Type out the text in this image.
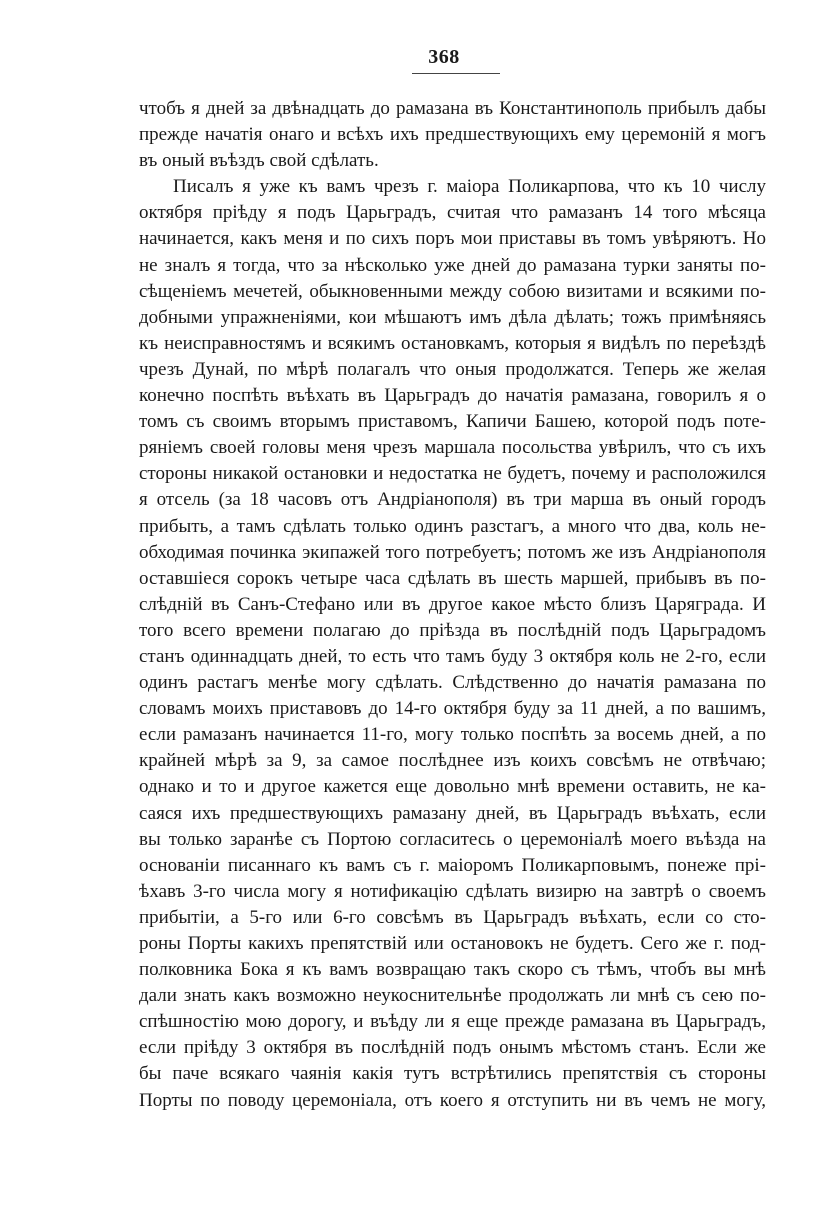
368
чтобъ я дней за двѣнадцать до рамазана въ Константинополь прибылъ дабы
прежде начатія онаго и всѣхъ ихъ предшествующихъ ему церемоній я могъ
въ оный въѣздъ свой сдѣлать.
Писалъ я уже къ вамъ чрезъ г. маіора Поликарпова, что къ 10 числу
октября пріѣду я подъ Царьградъ, считая что рамазанъ 14 того мѣсяца
начинается, какъ меня и по сихъ поръ мои приставы въ томъ увѣряютъ. Но
не зналъ я тогда, что за нѣсколько уже дней до рамазана турки заняты по-
сѣщеніемъ мечетей, обыкновенными между собою визитами и всякими по-
добными упражненіями, кои мѣшаютъ имъ дѣла дѣлать; тожъ примѣняясь
къ неисправностямъ и всякимъ остановкамъ, которыя я видѣлъ по переѣздѣ
чрезъ Дунай, по мѣрѣ полагалъ что оныя продолжатся. Теперь же желая
конечно поспѣть въѣхать въ Царьградъ до начатія рамазана, говорилъ я о
томъ съ своимъ вторымъ приставомъ, Капичи Башею, которой подъ поте-
ряніемъ своей головы меня чрезъ маршала посольства увѣрилъ, что съ ихъ
стороны никакой остановки и недостатка не будетъ, почему и расположился
я отсель (за 18 часовъ отъ Андріанополя) въ три марша въ оный городъ
прибыть, а тамъ сдѣлать только одинъ разстагъ, а много что два, коль не-
обходимая починка экипажей того потребуетъ; потомъ же изъ Андріанополя
оставшіеся сорокъ четыре часа сдѣлать въ шесть маршей, прибывъ въ по-
слѣдній въ Санъ-Стефано или въ другое какое мѣсто близъ Царяграда. И
того всего времени полагаю до пріѣзда въ послѣдній подъ Царьградомъ
станъ одиннадцать дней, то есть что тамъ буду 3 октября коль не 2-го, если
одинъ растагъ менѣе могу сдѣлать. Слѣдственно до начатія рамазана по
словамъ моихъ приставовъ до 14-го октября буду за 11 дней, а по вашимъ,
если рамазанъ начинается 11-го, могу только поспѣть за восемь дней, а по
крайней мѣрѣ за 9, за самое послѣднее изъ коихъ совсѣмъ не отвѣчаю;
однако и то и другое кажется еще довольно мнѣ времени оставить, не ка-
саяся ихъ предшествующихъ рамазану дней, въ Царьградъ въѣхать, если
вы только заранѣе съ Портою согласитесь о церемоніалѣ моего въѣзда на
основаніи писаннаго къ вамъ съ г. маіоромъ Поликарповымъ, понеже прі-
ѣхавъ 3-го числа могу я нотификацію сдѣлать визирю на завтрѣ о своемъ
прибытіи, а 5-го или 6-го совсѣмъ въ Царьградъ въѣхать, если со сто-
роны Порты какихъ препятствій или остановокъ не будетъ. Сего же г. под-
полковника Бока я къ вамъ возвращаю такъ скоро съ тѣмъ, чтобъ вы мнѣ
дали знать какъ возможно неукоснительнѣе продолжать ли мнѣ съ сею по-
спѣшностію мою дорогу, и въѣду ли я еще прежде рамазана въ Царьградъ,
если пріѣду 3 октября въ послѣдній подъ онымъ мѣстомъ станъ. Если же
бы паче всякаго чаянія какія тутъ встрѣтились препятствія съ стороны
Порты по поводу церемоніала, отъ коего я отступить ни въ чемъ не могу,
